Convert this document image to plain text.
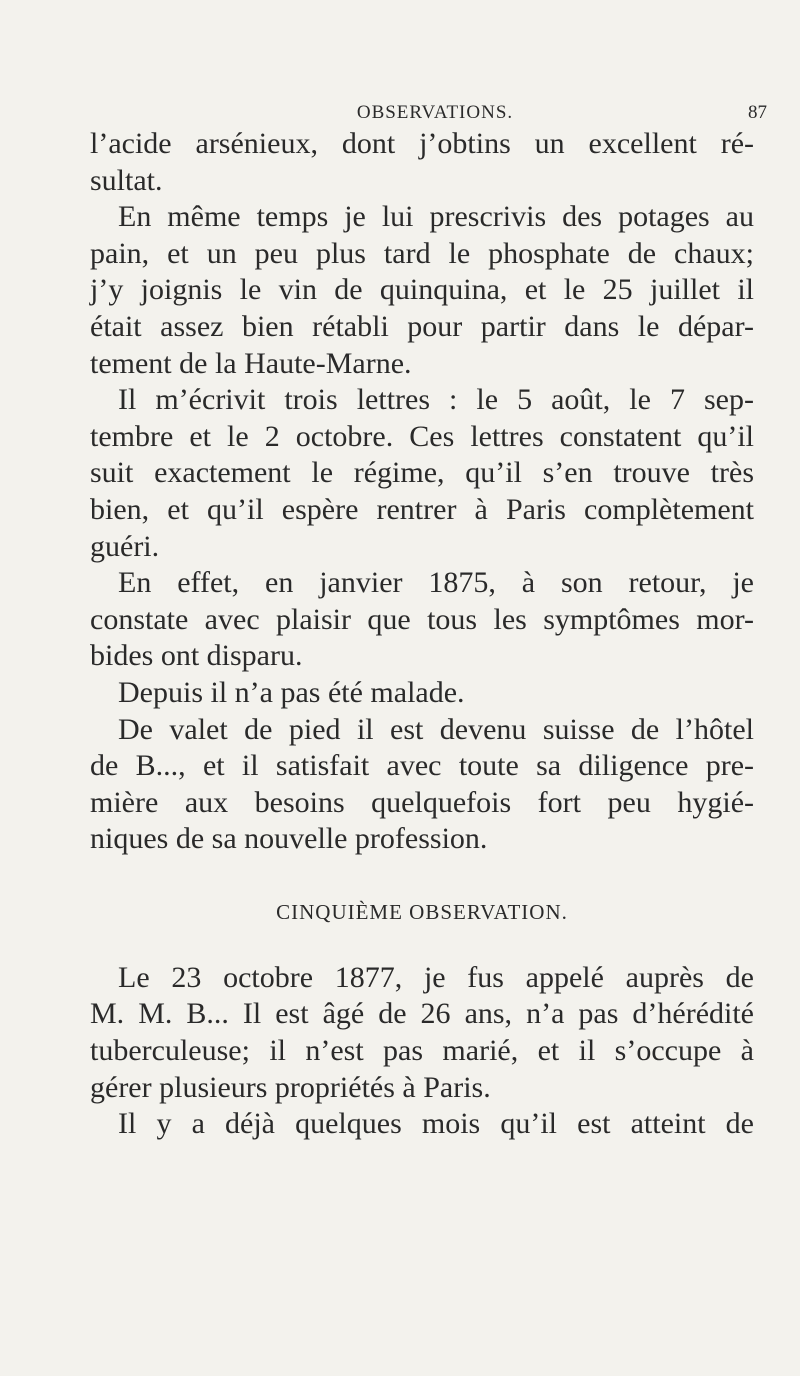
OBSERVATIONS.	87
l’acide arsénieux, dont j’obtins un excellent ré-
sultat.
En même temps je lui prescrivis des potages au
pain, et un peu plus tard le phosphate de chaux;
j’y joignis le vin de quinquina, et le 25 juillet il
était assez bien rétabli pour partir dans le dépar-
tement de la Haute-Marne.
Il m’écrivit trois lettres : le 5 août, le 7 sep-
tembre et le 2 octobre. Ces lettres constatent qu’il
suit exactement le régime, qu’il s’en trouve très
bien, et qu’il espère rentrer à Paris complètement
guéri.
En effet, en janvier 1875, à son retour, je
constate avec plaisir que tous les symptômes mor-
bides ont disparu.
Depuis il n’a pas été malade.
De valet de pied il est devenu suisse de l’hôtel
de B..., et il satisfait avec toute sa diligence pre-
mière aux besoins quelquefois fort peu hygié-
niques de sa nouvelle profession.
CINQUIÈME OBSERVATION.
Le 23 octobre 1877, je fus appelé auprès de
M. M. B... Il est âgé de 26 ans, n’a pas d’hérédité
tuberculeuse; il n’est pas marié, et il s’occupe à
gérer plusieurs propriétés à Paris.
Il y a déjà quelques mois qu’il est atteint de
